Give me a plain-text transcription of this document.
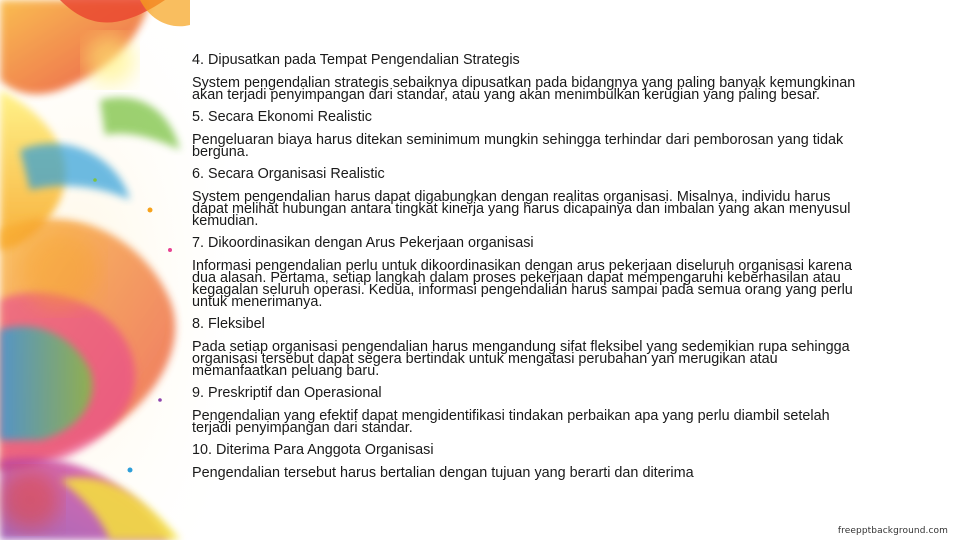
4. Dipusatkan pada Tempat Pengendalian Strategis
System pengendalian strategis sebaiknya dipusatkan pada bidangnya yang paling banyak kemungkinan
akan terjadi penyimpangan dari standar, atau yang akan menimbulkan kerugian yang paling besar.
5. Secara Ekonomi Realistic
Pengeluaran biaya harus ditekan seminimum mungkin sehingga terhindar dari pemborosan yang tidak
berguna.
6. Secara Organisasi Realistic
System pengendalian harus dapat digabungkan dengan realitas organisasi. Misalnya, individu harus
dapat melihat hubungan antara tingkat kinerja yang harus dicapainya dan imbalan yang akan menyusul
kemudian.
7. Dikoordinasikan dengan Arus Pekerjaan organisasi
Informasi pengendalian perlu untuk dikoordinasikan dengan arus pekerjaan diseluruh organisasi karena
dua alasan. Pertama, setiap langkah dalam proses pekerjaan dapat mempengaruhi keberhasilan atau
kegagalan seluruh operasi. Kedua, informasi pengendalian harus sampai pada semua orang yang perlu
untuk menerimanya.
8. Fleksibel
Pada setiap organisasi pengendalian harus mengandung sifat fleksibel yang sedemikian rupa sehingga
organisasi tersebut dapat segera bertindak untuk mengatasi perubahan yan merugikan atau
memanfaatkan peluang baru.
9. Preskriptif dan Operasional
Pengendalian yang efektif dapat mengidentifikasi tindakan perbaikan apa yang perlu diambil setelah
terjadi penyimpangan dari standar.
10. Diterima Para Anggota Organisasi
Pengendalian tersebut harus bertalian dengan tujuan yang berarti dan diterima
freepptbackground.com
